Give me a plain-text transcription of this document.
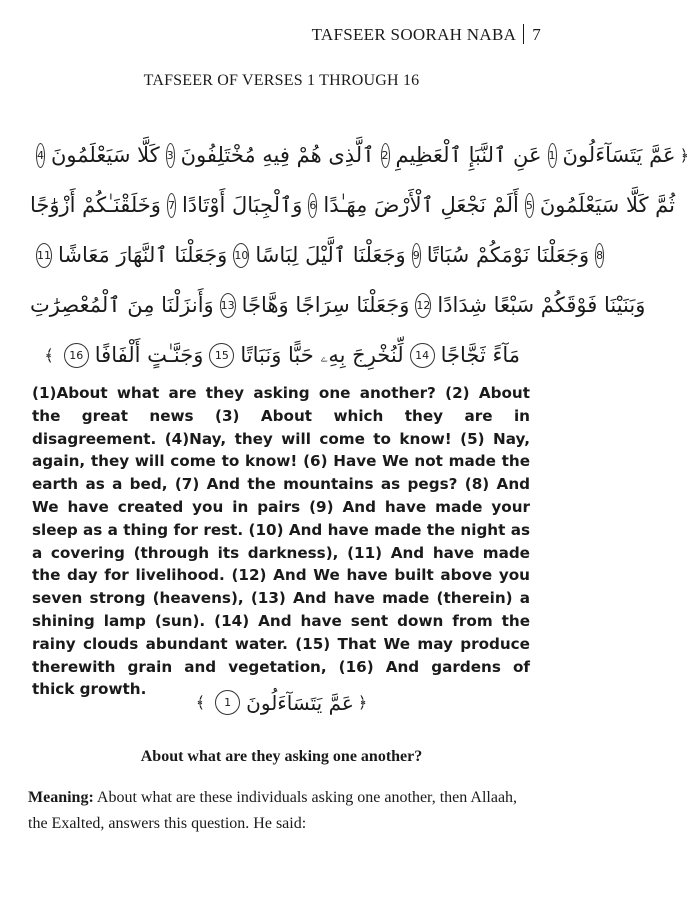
TAFSEER SOORAH NABA 7
TAFSEER OF VERSES 1 THROUGH 16
﴿
عَمَّ يَتَسَآءَلُونَ
1
عَنِ ٱلنَّبَإِ ٱلْعَظِيمِ
2
ٱلَّذِى هُمْ فِيهِ مُخْتَلِفُونَ
3
كَلَّا سَيَعْلَمُونَ
4
ثُمَّ كَلَّا سَيَعْلَمُونَ
5
أَلَمْ نَجْعَلِ ٱلْأَرْضَ مِهَـٰدًا
6
وَٱلْجِبَالَ أَوْتَادًا
7
وَخَلَقْنَـٰكُمْ أَزْوَٰجًا
8
وَجَعَلْنَا نَوْمَكُمْ سُبَاتًا
9
وَجَعَلْنَا ٱلَّيْلَ لِبَاسًا
10
وَجَعَلْنَا ٱلنَّهَارَ مَعَاشًا
11
وَبَنَيْنَا فَوْقَكُمْ سَبْعًا شِدَادًا
12
وَجَعَلْنَا سِرَاجًا وَهَّاجًا
13
وَأَنزَلْنَا مِنَ ٱلْمُعْصِرَٰتِ
مَآءً ثَجَّاجًا
14
لِّنُخْرِجَ بِهِۦ حَبًّا وَنَبَاتًا
15
وَجَنَّـٰتٍ أَلْفَافًا
16
﴾
(1)About what are they asking one another? (2) About the great news (3) About which they are in disagreement. (4)Nay, they will come to know! (5) Nay, again, they will come to know! (6) Have We not made the earth as a bed, (7) And the mountains as pegs? (8) And We have created you in pairs (9) And have made your sleep as a thing for rest. (10) And have made the night as a covering (through its darkness), (11) And have made the day for livelihood. (12) And We have built above you seven strong (heavens), (13) And have made (therein) a shining lamp (sun). (14) And have sent down from the rainy clouds abundant water. (15) That We may produce therewith grain and vegetation, (16) And gardens of thick growth.
﴿
عَمَّ يَتَسَآءَلُونَ
1
﴾
About what are they asking one another?
Meaning: About what are these individuals asking one another, then Allaah, the Exalted, answers this question. He said:
